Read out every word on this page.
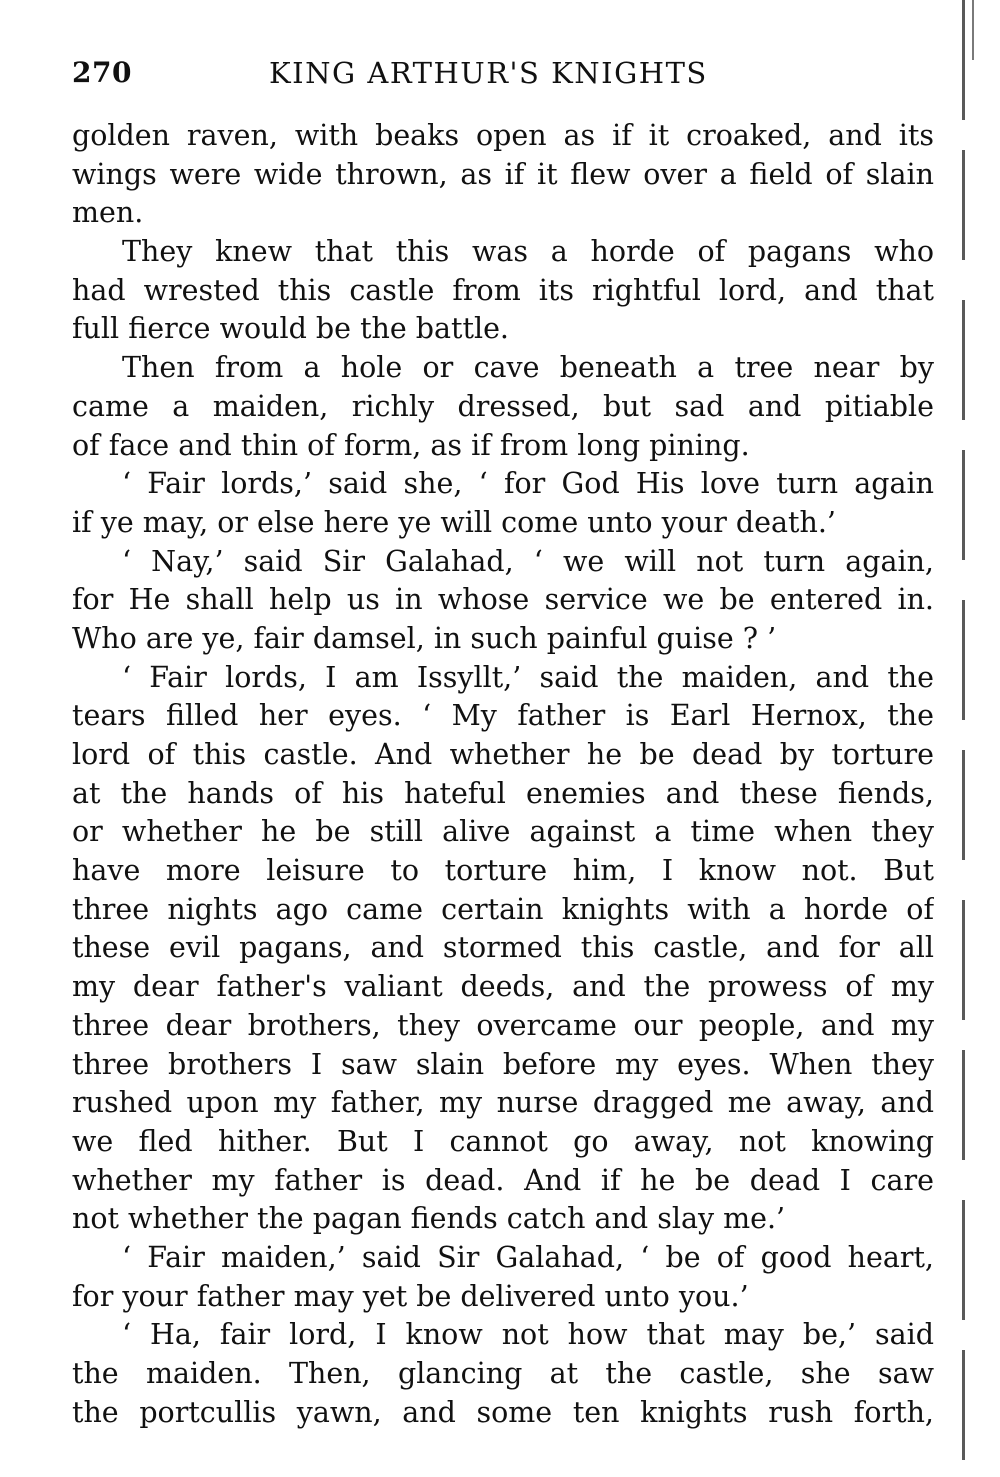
270	KING ARTHUR'S KNIGHTS
golden raven, with beaks open as if it croaked, and its
wings were wide thrown, as if it flew over a field of slain
men.
They knew that this was a horde of pagans who
had wrested this castle from its rightful lord, and that
full fierce would be the battle.
Then from a hole or cave beneath a tree near by
came a maiden, richly dressed, but sad and pitiable
of face and thin of form, as if from long pining.
‘ Fair lords,’ said she, ‘ for God His love turn again
if ye may, or else here ye will come unto your death.’
‘ Nay,’ said Sir Galahad, ‘ we will not turn again,
for He shall help us in whose service we be entered in.
Who are ye, fair damsel, in such painful guise ? ’
‘ Fair lords, I am Issyllt,’ said the maiden, and the
tears filled her eyes. ‘ My father is Earl Hernox, the
lord of this castle. And whether he be dead by torture
at the hands of his hateful enemies and these fiends,
or whether he be still alive against a time when they
have more leisure to torture him, I know not. But
three nights ago came certain knights with a horde of
these evil pagans, and stormed this castle, and for all
my dear father's valiant deeds, and the prowess of my
three dear brothers, they overcame our people, and my
three brothers I saw slain before my eyes. When they
rushed upon my father, my nurse dragged me away, and
we fled hither. But I cannot go away, not knowing
whether my father is dead. And if he be dead I care
not whether the pagan fiends catch and slay me.’
‘ Fair maiden,’ said Sir Galahad, ‘ be of good heart,
for your father may yet be delivered unto you.’
‘ Ha, fair lord, I know not how that may be,’ said
the maiden. Then, glancing at the castle, she saw
the portcullis yawn, and some ten knights rush forth,
